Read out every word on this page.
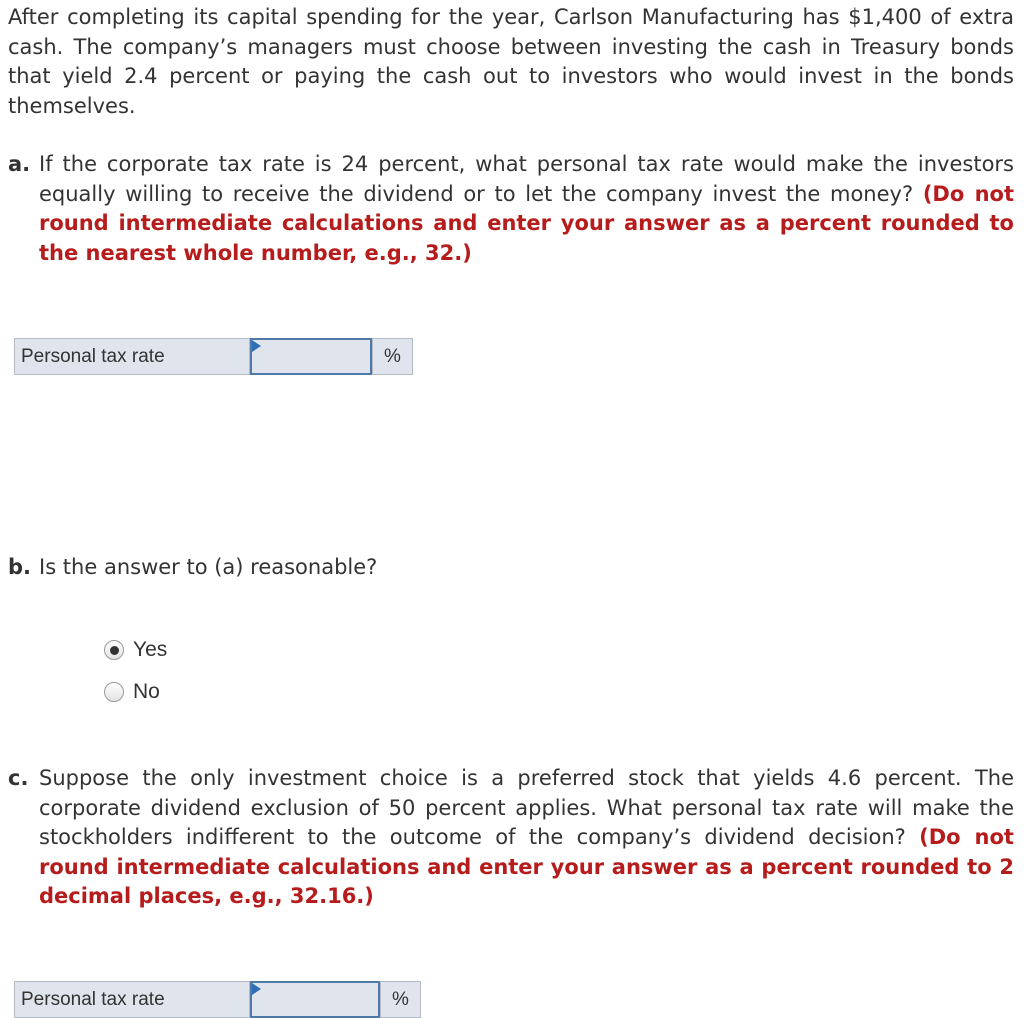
After completing its capital spending for the year, Carlson Manufacturing has $1,400 of extra cash. The company’s managers must choose between investing the cash in Treasury bonds that yield 2.4 percent or paying the cash out to investors who would invest in the bonds themselves.

a. If the corporate tax rate is 24 percent, what personal tax rate would make the investors equally willing to receive the dividend or to let the company invest the money? (Do not round intermediate calculations and enter your answer as a percent rounded to the nearest whole number, e.g., 32.)
Personal tax rate	%
b. Is the answer to (a) reasonable?
Yes
No
c. Suppose the only investment choice is a preferred stock that yields 4.6 percent. The corporate dividend exclusion of 50 percent applies. What personal tax rate will make the stockholders indifferent to the outcome of the company’s dividend decision? (Do not round intermediate calculations and enter your answer as a percent rounded to 2 decimal places, e.g., 32.16.)
Personal tax rate	%
